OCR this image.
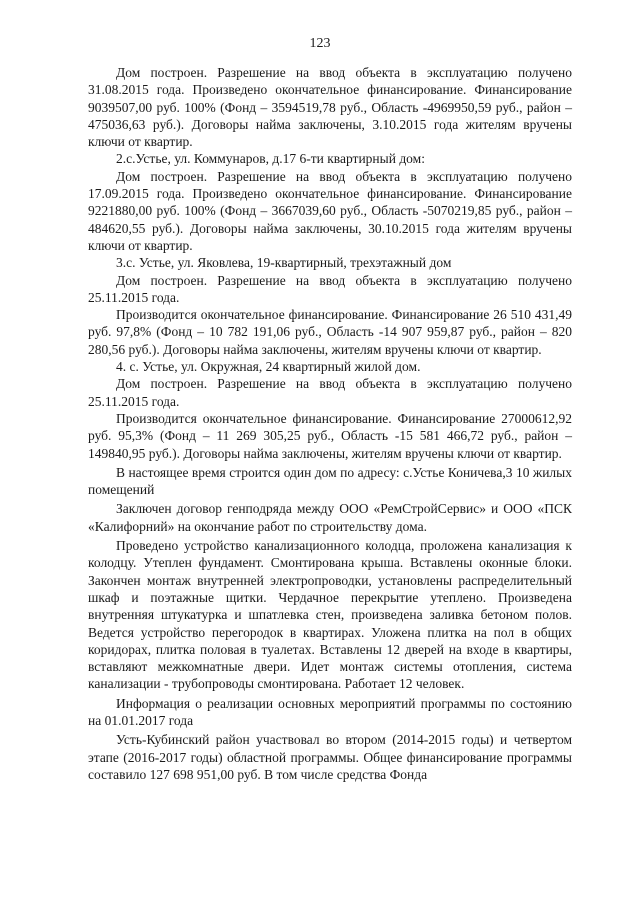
123

Дом построен. Разрешение на ввод объекта в эксплуатацию получено 31.08.2015 года. Произведено окончательное финансирование. Финансирование 9039507,00 руб. 100% (Фонд – 3594519,78 руб., Область -4969950,59 руб., район – 475036,63 руб.). Договоры найма заключены, 3.10.2015 года жителям вручены ключи от квартир.

2.с.Устье, ул. Коммунаров, д.17 6-ти квартирный дом:

Дом построен. Разрешение на ввод объекта в эксплуатацию получено 17.09.2015 года. Произведено окончательное финансирование. Финансирование 9221880,00 руб. 100% (Фонд – 3667039,60 руб., Область -5070219,85 руб., район – 484620,55 руб.). Договоры найма заключены, 30.10.2015 года жителям вручены ключи от квартир.

3.с. Устье, ул. Яковлева, 19-квартирный, трехэтажный дом

Дом построен. Разрешение на ввод объекта в эксплуатацию получено 25.11.2015 года.

Производится окончательное финансирование. Финансирование 26 510 431,49 руб. 97,8% (Фонд – 10 782 191,06 руб., Область -14 907 959,87 руб., район – 820 280,56 руб.). Договоры найма заключены, жителям вручены ключи от квартир.

4. с. Устье, ул. Окружная, 24 квартирный жилой дом.

Дом построен. Разрешение на ввод объекта в эксплуатацию получено 25.11.2015 года.

Производится окончательное финансирование. Финансирование 27000612,92 руб. 95,3% (Фонд – 11 269 305,25 руб., Область -15 581 466,72 руб., район – 149840,95 руб.). Договоры найма заключены, жителям вручены ключи от квартир.

В настоящее время строится один дом по адресу: с.Устье Коничева,3 10 жилых помещений

Заключен договор генподряда между ООО «РемСтройСервис» и ООО «ПСК «Калифорний» на окончание работ по строительству дома.

Проведено устройство канализационного колодца, проложена канализация к колодцу. Утеплен фундамент. Смонтирована крыша. Вставлены оконные блоки. Закончен монтаж внутренней электропроводки, установлены распределительный шкаф и поэтажные щитки. Чердачное перекрытие утеплено. Произведена внутренняя штукатурка и шпатлевка стен, произведена заливка бетоном полов. Ведется устройство перегородок в квартирах. Уложена плитка на пол в общих коридорах, плитка половая в туалетах. Вставлены 12 дверей на входе в квартиры, вставляют межкомнатные двери. Идет монтаж системы отопления, система канализации - трубопроводы смонтирована. Работает 12 человек.

Информация о реализации основных мероприятий программы по состоянию на 01.01.2017 года

Усть-Кубинский район участвовал во втором (2014-2015 годы) и четвертом этапе (2016-2017 годы) областной программы. Общее финансирование программы составило 127 698 951,00 руб. В том числе средства Фонда
